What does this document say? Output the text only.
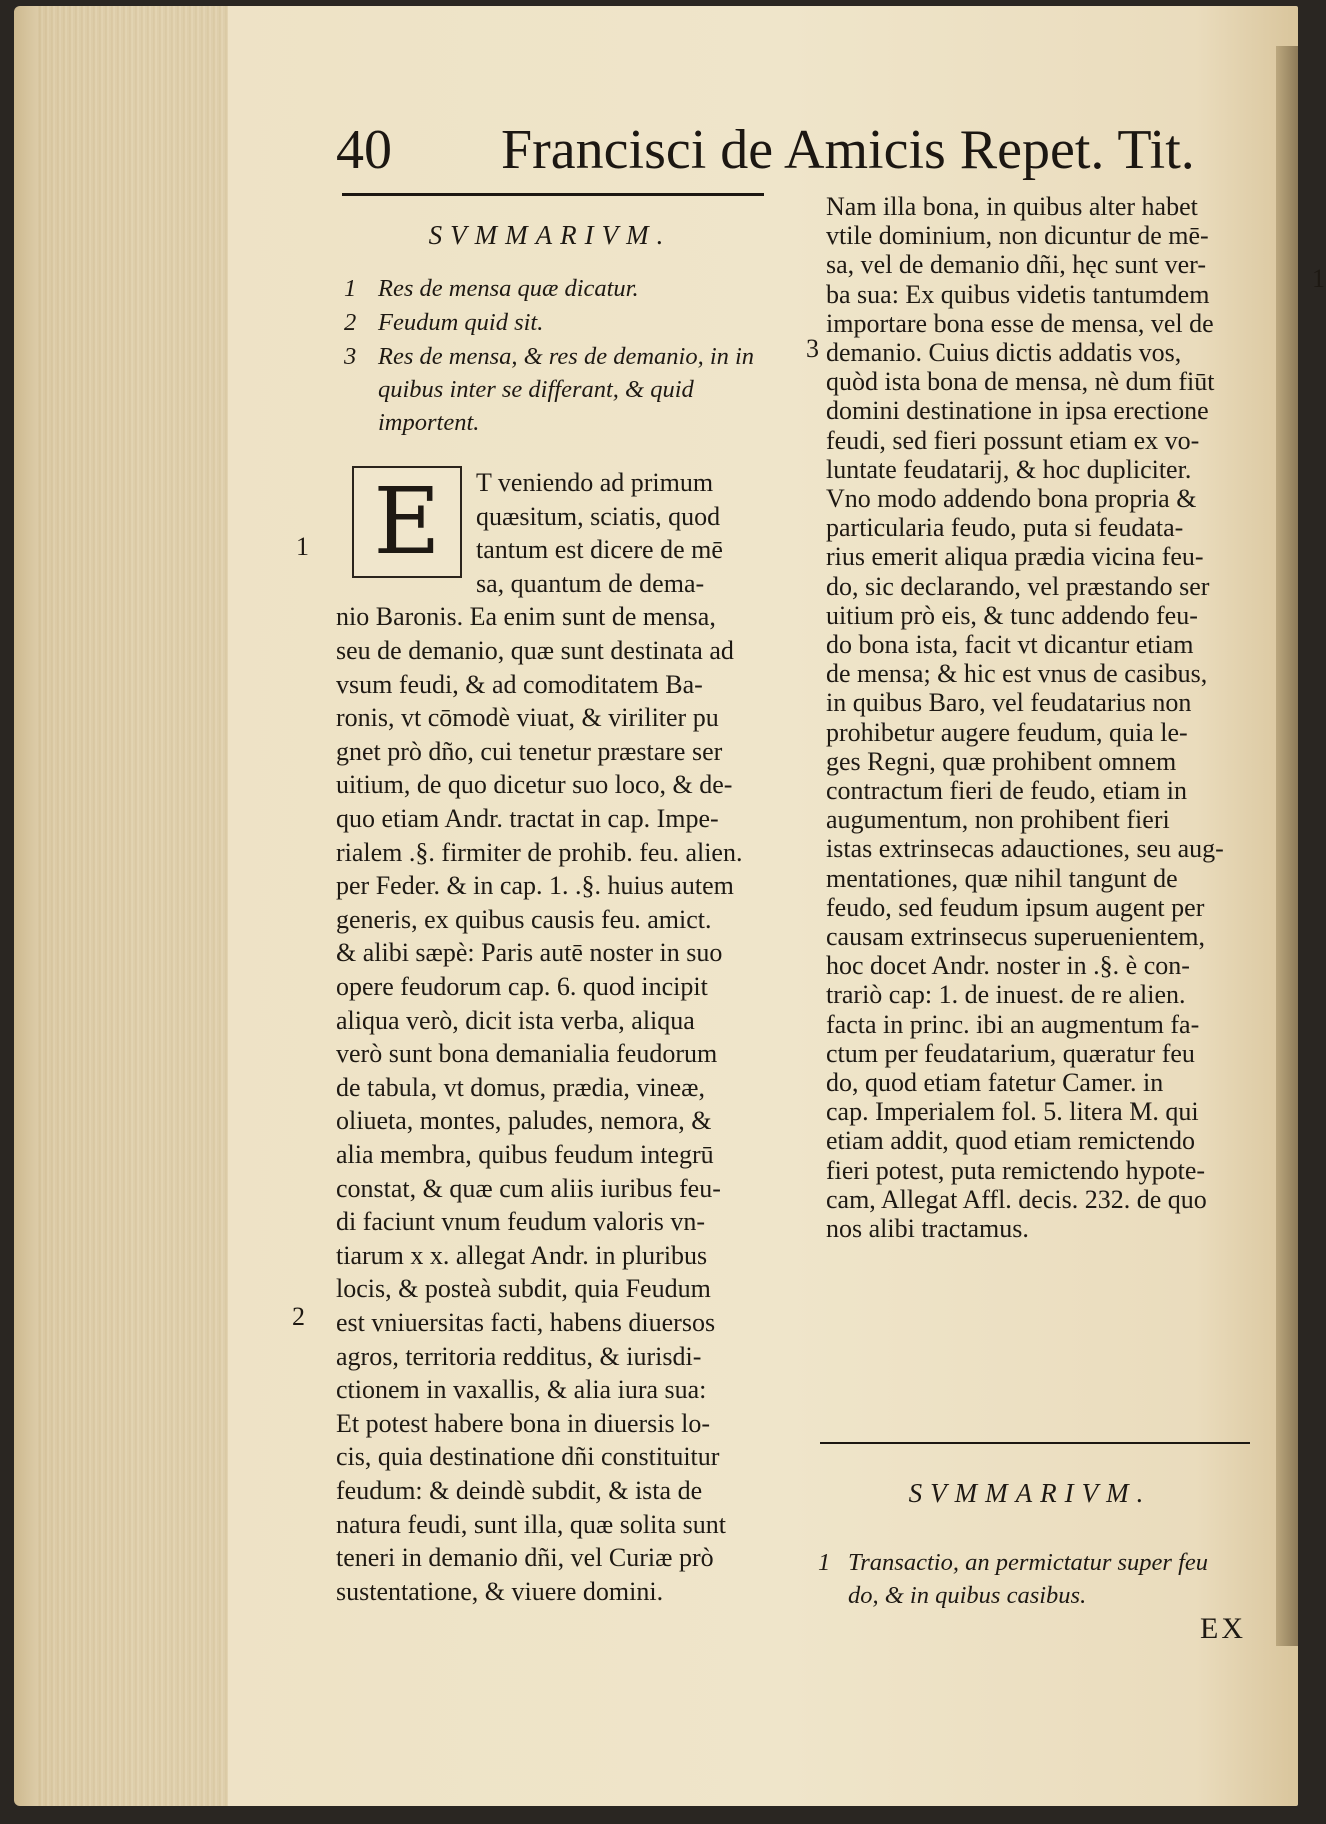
40 Francisci de Amicis Repet. Tit.
SVMMARIVM.
1 Res de mensa quæ dicatur.
2 Feudum quid sit.
3 Res de mensa, & res de demanio, in in quibus inter se differant, & quid importent.
E	T veniendo ad primum
quæsitum, sciatis, quod
tantum est dicere de mē
sa, quantum de dema-
nio Baronis. Ea enim sunt de mensa,
seu de demanio, quæ sunt destinata ad
vsum feudi, & ad comoditatem Ba-
ronis, vt cōmodè viuat, & viriliter pu
gnet prò dño, cui tenetur præstare ser
uitium, de quo dicetur suo loco, & de-
quo etiam Andr. tractat in cap. Impe-
rialem .§. firmiter de prohib. feu. alien.
per Feder. & in cap. 1. .§. huius autem
generis, ex quibus causis feu. amict.
& alibi sæpè: Paris autē noster in suo
opere feudorum cap. 6. quod incipit
aliqua verò, dicit ista verba, aliqua
verò sunt bona demanialia feudorum
de tabula, vt domus, prædia, vineæ,
oliueta, montes, paludes, nemora, &
alia membra, quibus feudum integrū
constat, & quæ cum aliis iuribus feu-
di faciunt vnum feudum valoris vn-
tiarum x x. allegat Andr. in pluribus
locis, & posteà subdit, quia Feudum
est vniuersitas facti, habens diuersos
agros, territoria redditus, & iurisdi-
ctionem in vaxallis, & alia iura sua:
Et potest habere bona in diuersis lo-
cis, quia destinatione dñi constituitur
feudum: & deindè subdit, & ista de
natura feudi, sunt illa, quæ solita sunt
teneri in demanio dñi, vel Curiæ prò
sustentatione, & viuere domini.
Nam illa bona, in quibus alter habet
vtile dominium, non dicuntur de mē-
sa, vel de demanio dñi, hęc sunt ver-
ba sua: Ex quibus videtis tantumdem
importare bona esse de mensa, vel de
demanio. Cuius dictis addatis vos,
quòd ista bona de mensa, nè dum fiūt
domini destinatione in ipsa erectione
feudi, sed fieri possunt etiam ex vo-
luntate feudatarij, & hoc dupliciter.
Vno modo addendo bona propria &
particularia feudo, puta si feudata-
rius emerit aliqua prædia vicina feu-
do, sic declarando, vel præstando ser
uitium prò eis, & tunc addendo feu-
do bona ista, facit vt dicantur etiam
de mensa; & hic est vnus de casibus,
in quibus Baro, vel feudatarius non
prohibetur augere feudum, quia le-
ges Regni, quæ prohibent omnem
contractum fieri de feudo, etiam in
augumentum, non prohibent fieri
istas extrinsecas adauctiones, seu aug-
mentationes, quæ nihil tangunt de
feudo, sed feudum ipsum augent per
causam extrinsecus superuenientem,
hoc docet Andr. noster in .§. è con-
trariò cap: 1. de inuest. de re alien.
facta in princ. ibi an augmentum fa-
ctum per feudatarium, quæratur feu
do, quod etiam fatetur Camer. in
cap. Imperialem fol. 5. litera M. qui
etiam addit, quod etiam remictendo
fieri potest, puta remictendo hypote-
cam, Allegat Affl. decis. 232. de quo
nos alibi tractamus.
SVMMARIVM.
1 Transactio, an permictatur super feu do, & in quibus casibus.
1
2
3
1
EX
